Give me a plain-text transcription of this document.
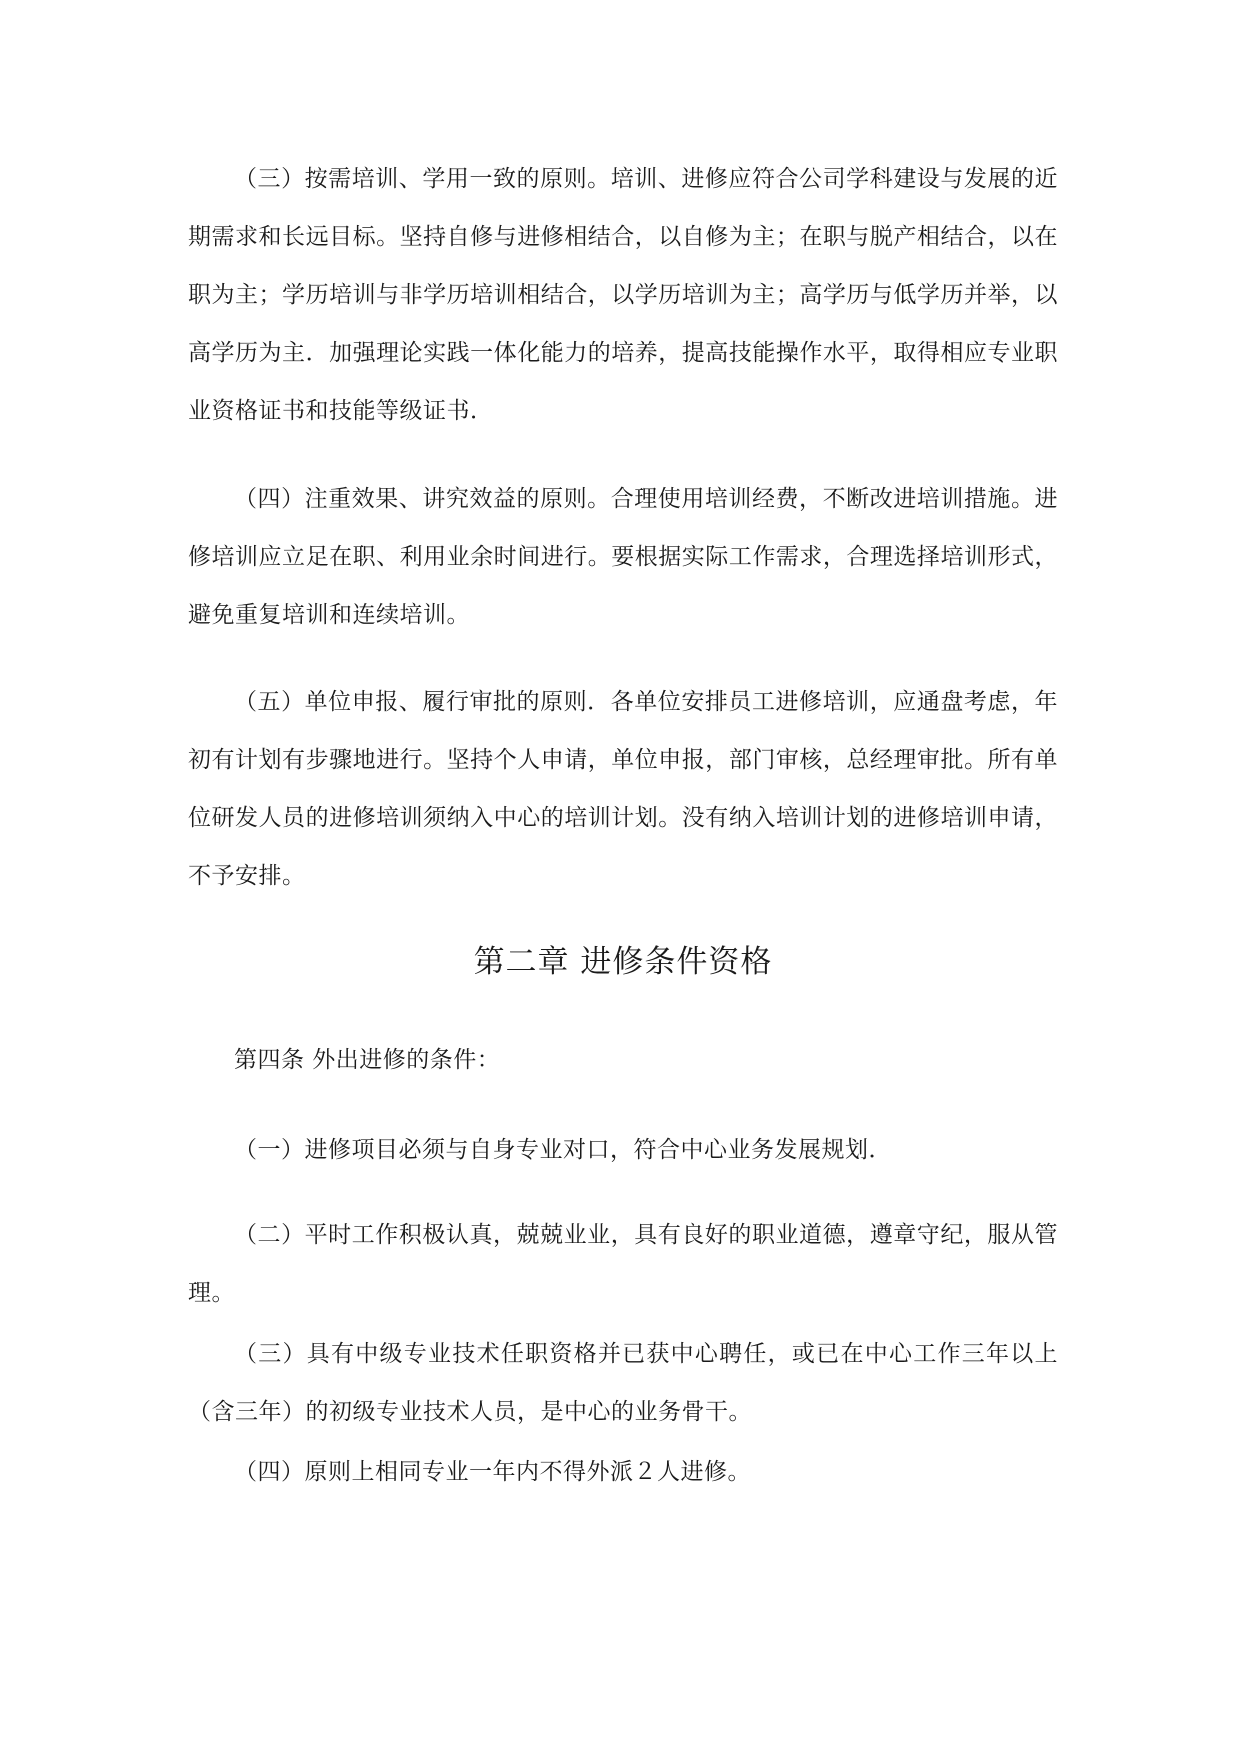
（三）按需培训、学用一致的原则。培训、进修应符合公司学科建设与发展的近期需求和长远目标。坚持自修与进修相结合，以自修为主；在职与脱产相结合，以在职为主；学历培训与非学历培训相结合，以学历培训为主；高学历与低学历并举，以高学历为主．加强理论实践一体化能力的培养，提高技能操作水平，取得相应专业职业资格证书和技能等级证书．

（四）注重效果、讲究效益的原则。合理使用培训经费，不断改进培训措施。进修培训应立足在职、利用业余时间进行。要根据实际工作需求，合理选择培训形式，避免重复培训和连续培训。

（五）单位申报、履行审批的原则．各单位安排员工进修培训，应通盘考虑，年初有计划有步骤地进行。坚持个人申请，单位申报，部门审核，总经理审批。所有单位研发人员的进修培训须纳入中心的培训计划。没有纳入培训计划的进修培训申请，不予安排。

第二章 进修条件资格

第四条 外出进修的条件：

（一）进修项目必须与自身专业对口，符合中心业务发展规划．

（二）平时工作积极认真，兢兢业业，具有良好的职业道德，遵章守纪，服从管理。

（三）具有中级专业技术任职资格并已获中心聘任，或已在中心工作三年以上（含三年）的初级专业技术人员，是中心的业务骨干。

（四）原则上相同专业一年内不得外派２人进修。
